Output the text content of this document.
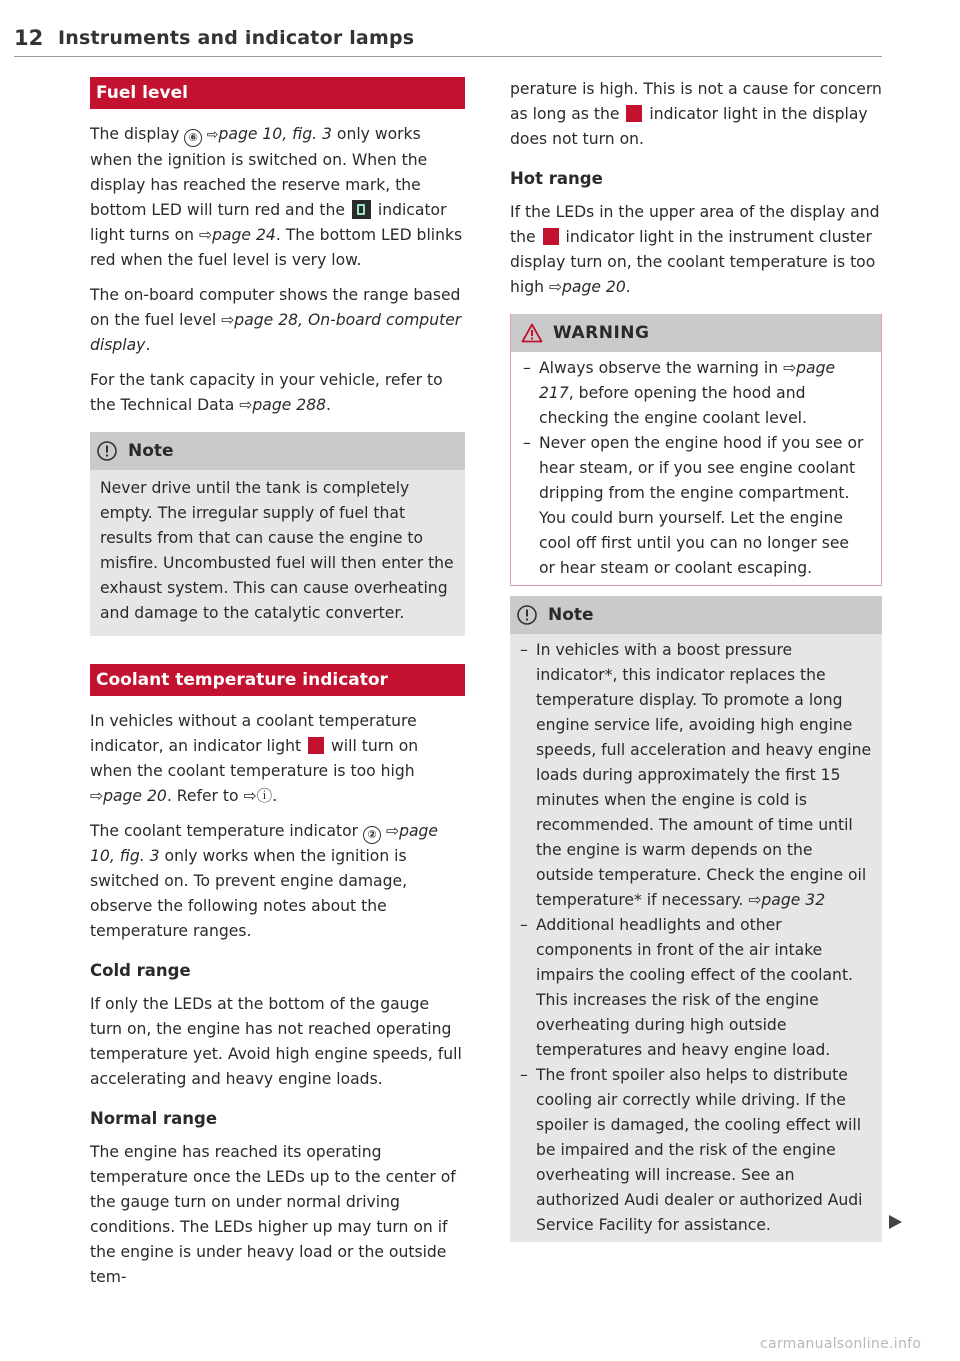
12 Instruments and indicator lamps
Fuel level

The display ⑥ ⇨page 10, fig. 3 only works when the ignition is switched on. When the display has reached the reserve mark, the bottom LED will turn red and the  indicator light turns on ⇨page 24. The bottom LED blinks red when the fuel level is very low.

The on-board computer shows the range based on the fuel level ⇨page 28, On-board computer display.

For the tank capacity in your vehicle, refer to the Technical Data ⇨page 288.

Note

Never drive until the tank is completely empty. The irregular supply of fuel that results from that can cause the engine to misfire. Uncombusted fuel will then enter the exhaust system. This can cause overheating and damage to the catalytic converter.

Coolant temperature indicator

In vehicles without a coolant temperature indicator, an indicator light  will turn on when the coolant temperature is too high ⇨page 20. Refer to ⇨ⓘ.

The coolant temperature indicator ② ⇨page 10, fig. 3 only works when the ignition is switched on. To prevent engine damage, observe the following notes about the temperature ranges.

Cold range

If only the LEDs at the bottom of the gauge turn on, the engine has not reached operating temperature yet. Avoid high engine speeds, full accelerating and heavy engine loads.

Normal range

The engine has reached its operating temperature once the LEDs up to the center of the gauge turn on under normal driving conditions. The LEDs higher up may turn on if the engine is under heavy load or the outside tem-

perature is high. This is not a cause for concern as long as the  indicator light in the display does not turn on.

Hot range

If the LEDs in the upper area of the display and the  indicator light in the instrument cluster display turn on, the coolant temperature is too high ⇨page 20.

WARNING
– Always observe the warning in ⇨page 217, before opening the hood and checking the engine coolant level.
– Never open the engine hood if you see or hear steam, or if you see engine coolant dripping from the engine compartment. You could burn yourself. Let the engine cool off first until you can no longer see or hear steam or coolant escaping.
Note
– In vehicles with a boost pressure indicator*, this indicator replaces the temperature display. To promote a long engine service life, avoiding high engine speeds, full acceleration and heavy engine loads during approximately the first 15 minutes when the engine is cold is recommended. The amount of time until the engine is warm depends on the outside temperature. Check the engine oil temperature* if necessary. ⇨page 32
– Additional headlights and other components in front of the air intake impairs the cooling effect of the coolant. This increases the risk of the engine overheating during high outside temperatures and heavy engine load.
– The front spoiler also helps to distribute cooling air correctly while driving. If the spoiler is damaged, the cooling effect will be impaired and the risk of the engine overheating will increase. See an authorized Audi dealer or authorized Audi Service Facility for assistance.
carmanualsonline.info
